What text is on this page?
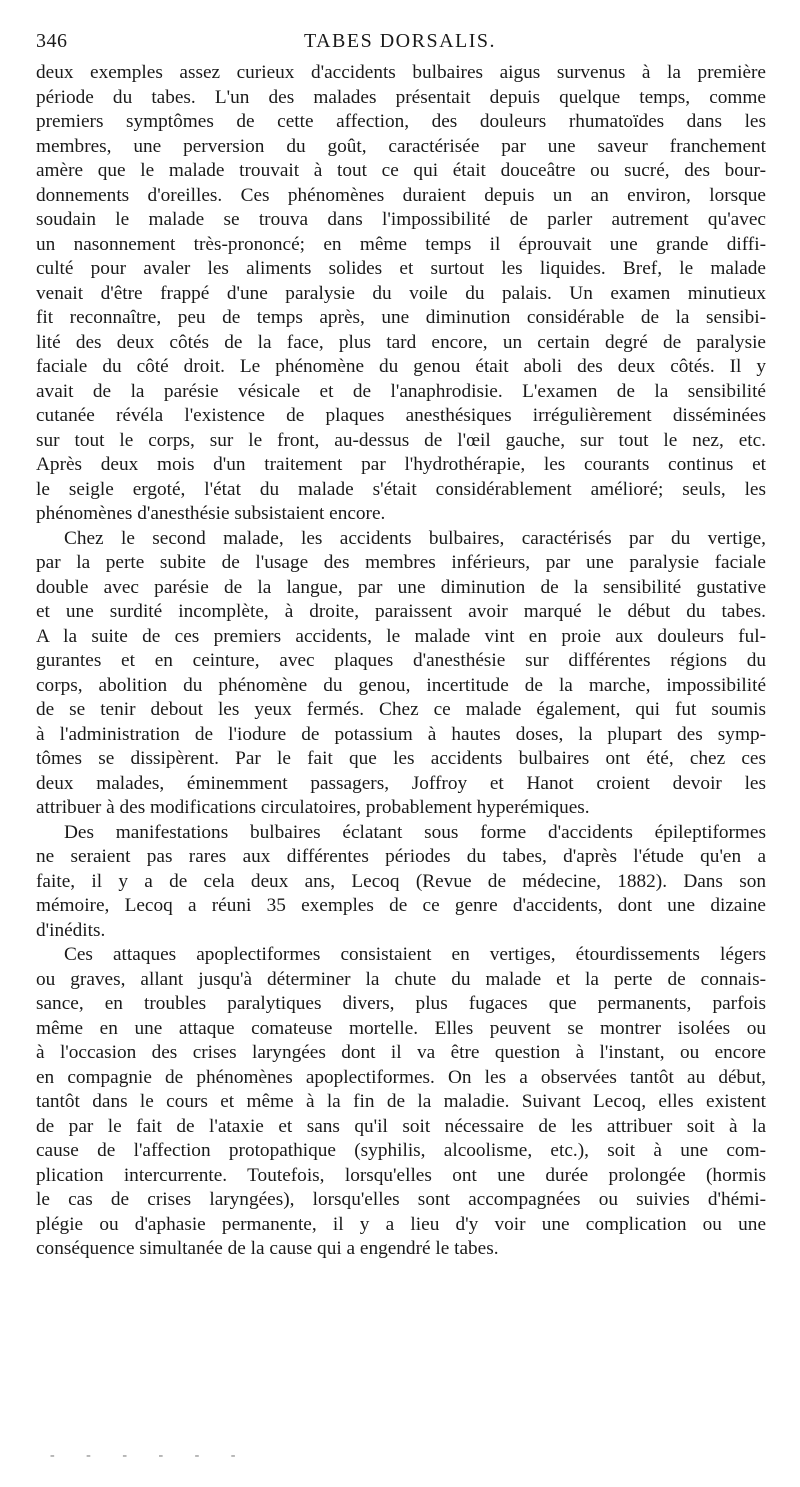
346	TABES DORSALIS.

deux exemples assez curieux d'accidents bulbaires aigus survenus à la première
période du tabes. L'un des malades présentait depuis quelque temps, comme
premiers symptômes de cette affection, des douleurs rhumatoïdes dans les
membres, une perversion du goût, caractérisée par une saveur franchement
amère que le malade trouvait à tout ce qui était douceâtre ou sucré, des bour-
donnements d'oreilles. Ces phénomènes duraient depuis un an environ, lorsque
soudain le malade se trouva dans l'impossibilité de parler autrement qu'avec
un nasonnement très-prononcé; en même temps il éprouvait une grande diffi-
culté pour avaler les aliments solides et surtout les liquides. Bref, le malade
venait d'être frappé d'une paralysie du voile du palais. Un examen minutieux
fit reconnaître, peu de temps après, une diminution considérable de la sensibi-
lité des deux côtés de la face, plus tard encore, un certain degré de paralysie
faciale du côté droit. Le phénomène du genou était aboli des deux côtés. Il y
avait de la parésie vésicale et de l'anaphrodisie. L'examen de la sensibilité
cutanée révéla l'existence de plaques anesthésiques irrégulièrement disséminées
sur tout le corps, sur le front, au-dessus de l'œil gauche, sur tout le nez, etc.
Après deux mois d'un traitement par l'hydrothérapie, les courants continus et
le seigle ergoté, l'état du malade s'était considérablement amélioré; seuls, les
phénomènes d'anesthésie subsistaient encore.

Chez le second malade, les accidents bulbaires, caractérisés par du vertige,
par la perte subite de l'usage des membres inférieurs, par une paralysie faciale
double avec parésie de la langue, par une diminution de la sensibilité gustative
et une surdité incomplète, à droite, paraissent avoir marqué le début du tabes.
A la suite de ces premiers accidents, le malade vint en proie aux douleurs ful-
gurantes et en ceinture, avec plaques d'anesthésie sur différentes régions du
corps, abolition du phénomène du genou, incertitude de la marche, impossibilité
de se tenir debout les yeux fermés. Chez ce malade également, qui fut soumis
à l'administration de l'iodure de potassium à hautes doses, la plupart des symp-
tômes se dissipèrent. Par le fait que les accidents bulbaires ont été, chez ces
deux malades, éminemment passagers, Joffroy et Hanot croient devoir les
attribuer à des modifications circulatoires, probablement hyperémiques.

Des manifestations bulbaires éclatant sous forme d'accidents épileptiformes
ne seraient pas rares aux différentes périodes du tabes, d'après l'étude qu'en a
faite, il y a de cela deux ans, Lecoq (Revue de médecine, 1882). Dans son
mémoire, Lecoq a réuni 35 exemples de ce genre d'accidents, dont une dizaine
d'inédits.

Ces attaques apoplectiformes consistaient en vertiges, étourdissements légers
ou graves, allant jusqu'à déterminer la chute du malade et la perte de connais-
sance, en troubles paralytiques divers, plus fugaces que permanents, parfois
même en une attaque comateuse mortelle. Elles peuvent se montrer isolées ou
à l'occasion des crises laryngées dont il va être question à l'instant, ou encore
en compagnie de phénomènes apoplectiformes. On les a observées tantôt au début,
tantôt dans le cours et même à la fin de la maladie. Suivant Lecoq, elles existent
de par le fait de l'ataxie et sans qu'il soit nécessaire de les attribuer soit à la
cause de l'affection protopathique (syphilis, alcoolisme, etc.), soit à une com-
plication intercurrente. Toutefois, lorsqu'elles ont une durée prolongée (hormis
le cas de crises laryngées), lorsqu'elles sont accompagnées ou suivies d'hémi-
plégie ou d'aphasie permanente, il y a lieu d'y voir une complication ou une
conséquence simultanée de la cause qui a engendré le tabes.

- - - - - -
